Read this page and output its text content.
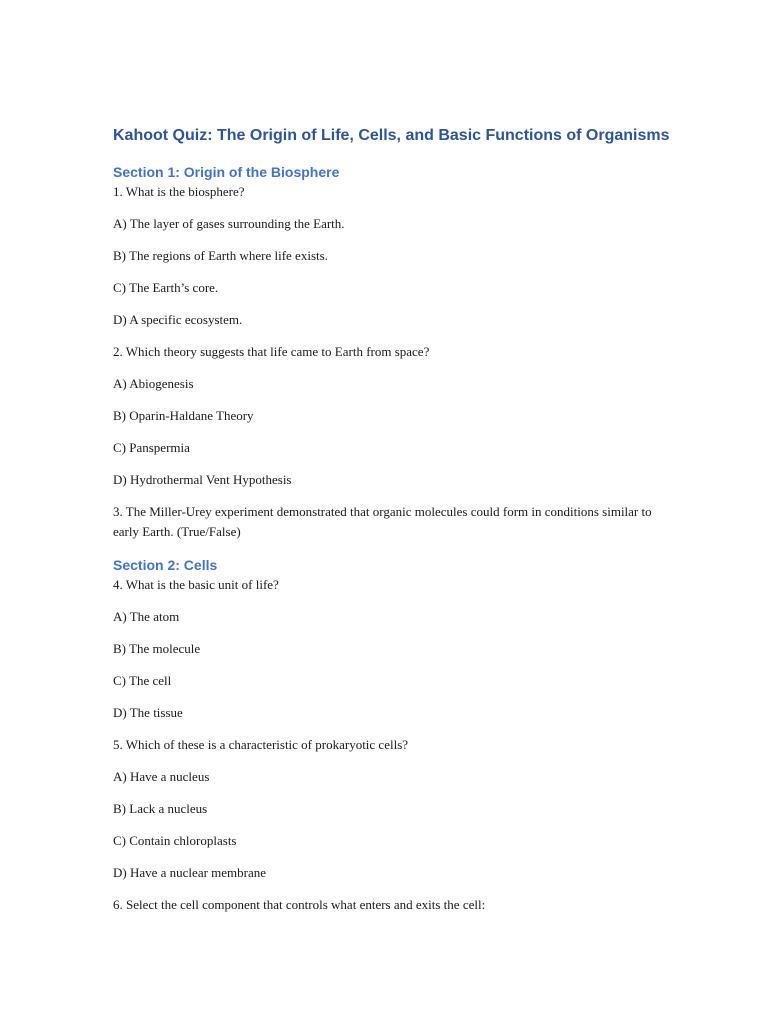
Kahoot Quiz: The Origin of Life, Cells, and Basic Functions of Organisms
Section 1: Origin of the Biosphere

1. What is the biosphere?

A) The layer of gases surrounding the Earth.

B) The regions of Earth where life exists.

C) The Earth’s core.

D) A specific ecosystem.

2. Which theory suggests that life came to Earth from space?

A) Abiogenesis

B) Oparin-Haldane Theory

C) Panspermia

D) Hydrothermal Vent Hypothesis

3. The Miller-Urey experiment demonstrated that organic molecules could form in conditions similar to early Earth. (True/False)

Section 2: Cells

4. What is the basic unit of life?

A) The atom

B) The molecule

C) The cell

D) The tissue

5. Which of these is a characteristic of prokaryotic cells?

A) Have a nucleus

B) Lack a nucleus

C) Contain chloroplasts

D) Have a nuclear membrane

6. Select the cell component that controls what enters and exits the cell:
